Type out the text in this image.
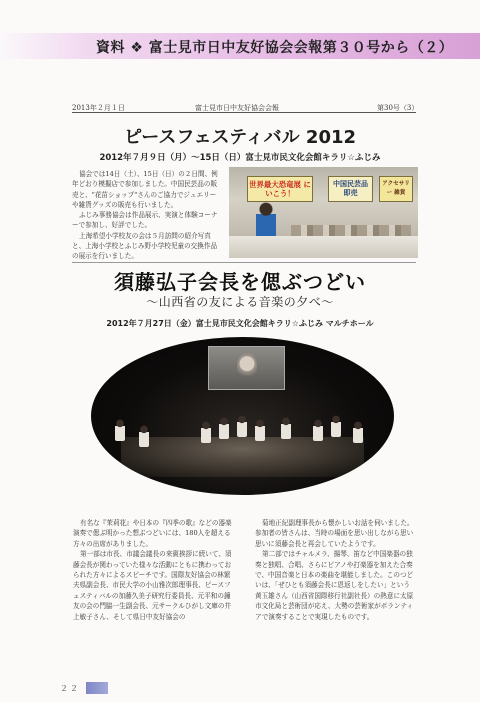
資料 ❖ 富士見市日中友好協会会報第３０号から（２）
2013年２月１日	富士見市日中友好協会会報	第30号（3）
ピースフェスティバル 2012
2012年７月９日（月）～15日（日）富士見市民文化会館キラリ☆ふじみ

協会では14日（土）、15日（日）の２日間、例年どおり模擬店で参加しました。中国民芸品の販売と、"花苗ショップ"さんのご協力でジュエリーや雑貨グッズの販売も行いました。

ふじみ事務協会は作品展示、実演と体験コーナーで参加し、好評でした。

上海希望小学校友の会は５月訪問の紹介写真と、上海小学校とふじみ野小学校児童の交換作品の展示を行いました。

世界最大恐竜展 にいこう！
中国民芸品 即売
アクセサリー 雑貨
須藤弘子会長を偲ぶつどい
～山西省の友による音楽の夕べ～
2012年７月27日（金）富士見市民文化会館キラリ☆ふじみ マルチホール

有名な『茉莉花』や日本の『四季の歌』などの器楽演奏で偲ぶ明かった想ぶつどいには、180人を超える方々の出席がありました。

第一部は市長、市議会議長の来賓挨拶に続いて、須藤会長が関わっていた様々な活動にともに携わっておられた方々によるスピーチです。国際友好協会の林繁夫県副会長、市民大学の小山雅次郎理事長、ピースフェスティバルの加藤久美子研究行委員長、元平和の鐘友の会の門脇一生副会長、元サークルひがし文庫の井上敏子さん、そして県日中友好協会の

菊地正紀副理事長から懐かしいお話を伺いました。参加者の皆さんは、当時の場面を思い出しながら思い思いに須藤会長と再会していたようです。

第二部ではチャルメラ、揚琴、笛など中国楽器の独奏と独唱、合唱、さらにピアノや打楽器を加えた合奏で、中国音楽と日本の楽曲を堪能しました。このつどいは、「ぜひとも須藤会長に恩返しをしたい」という黄玉雄さん（山西省国際移行社副社長）の熱意に太原市文化局と芸術団が応え、大勢の芸術家がボランティアで演奏することで実現したものです。

２２
